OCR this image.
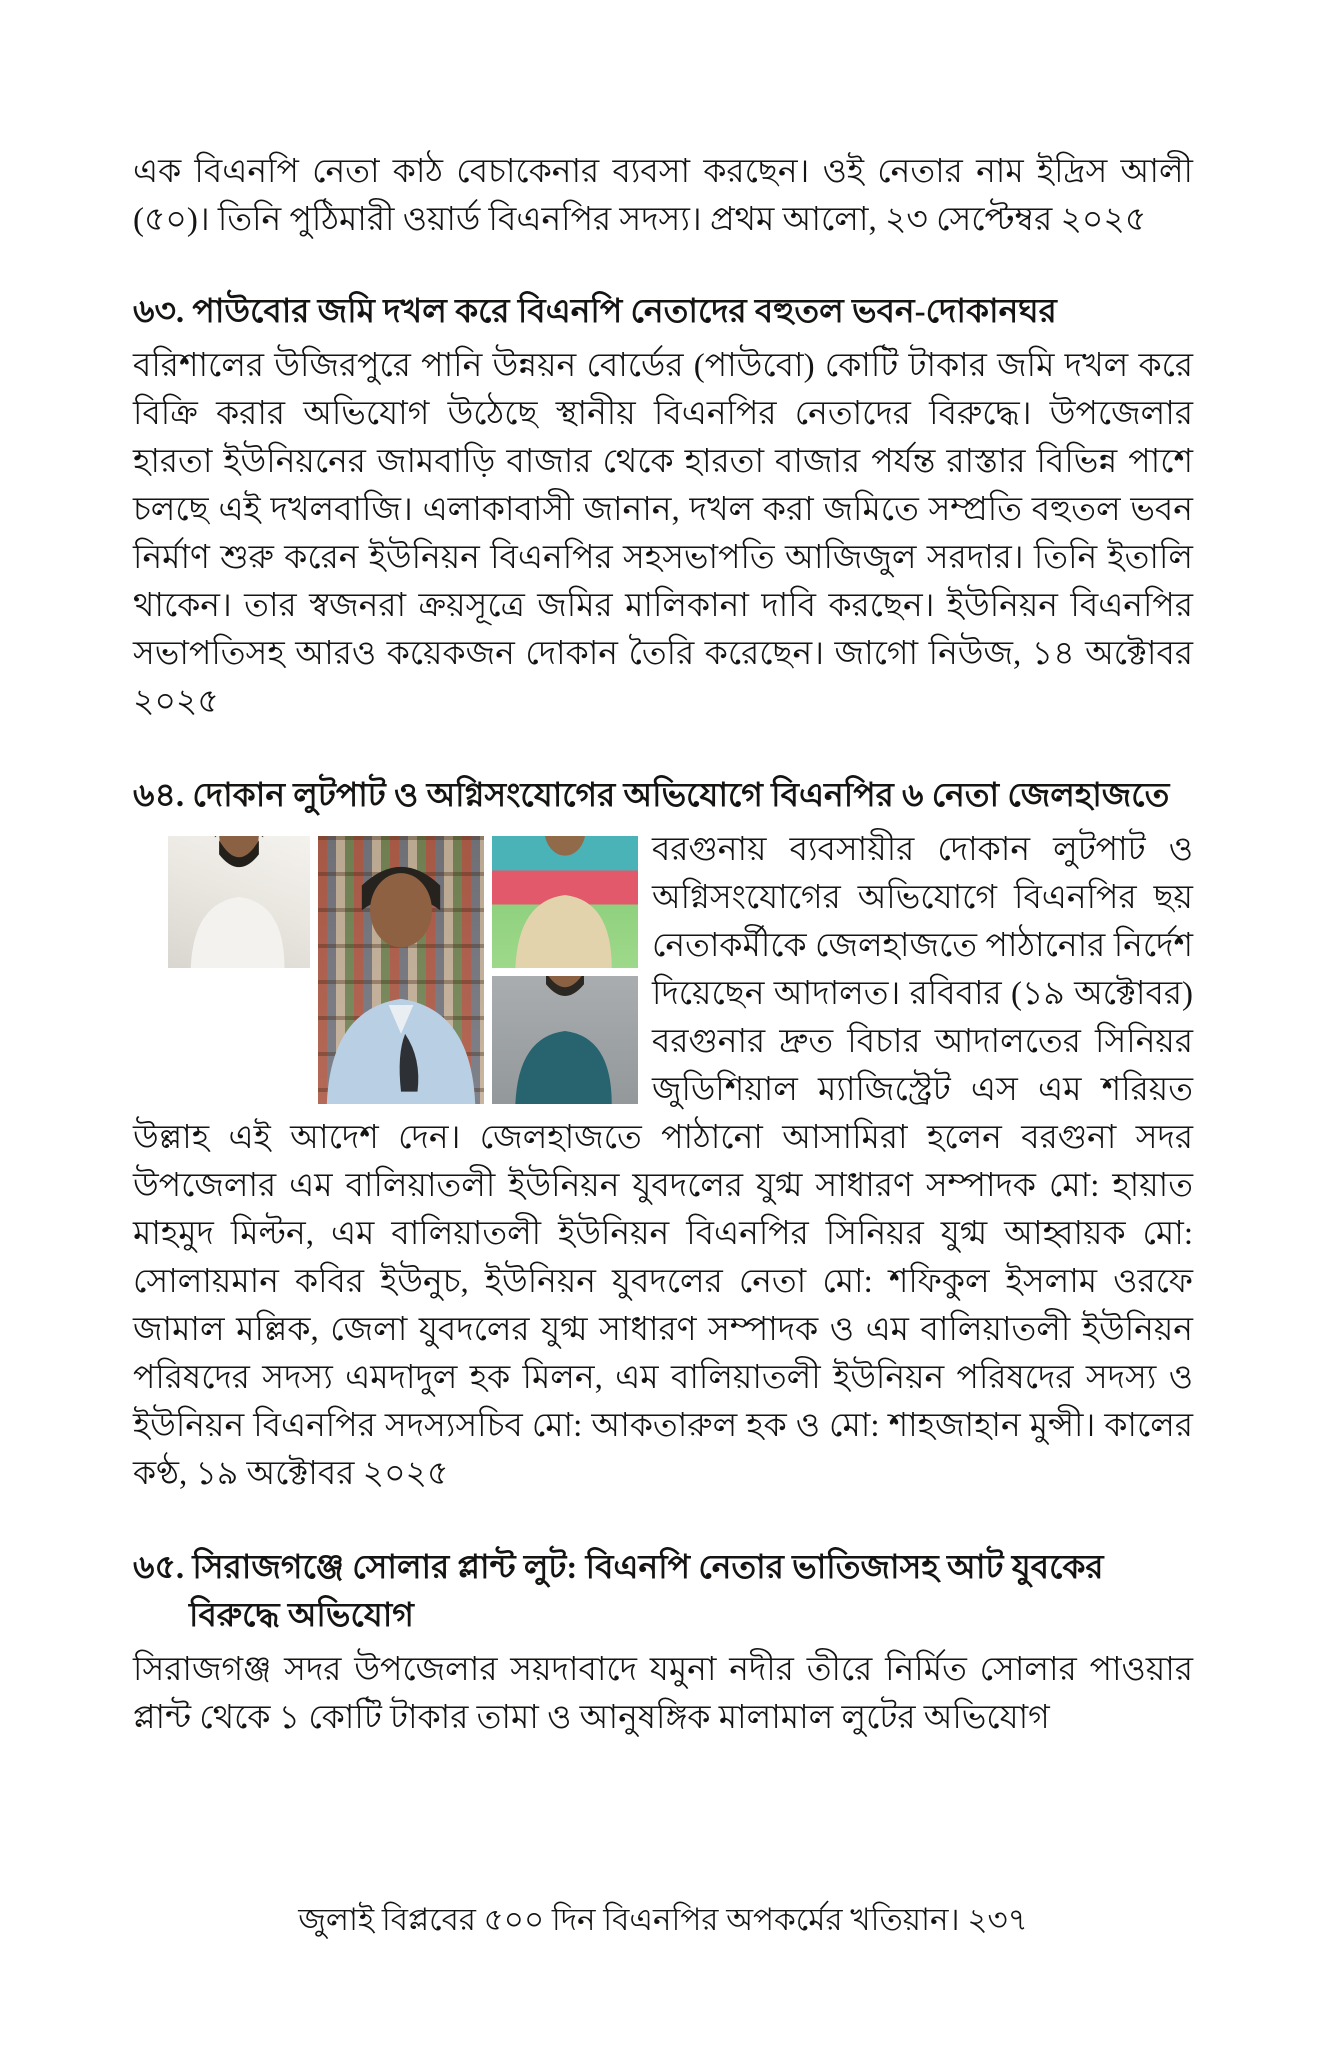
এক বিএনপি নেতা কাঠ বেচাকেনার ব্যবসা করছেন। ওই নেতার নাম ইদ্রিস আলী (৫০)। তিনি পুঠিমারী ওয়ার্ড বিএনপির সদস্য। প্রথম আলো, ২৩ সেপ্টেম্বর ২০২৫

৬৩. পাউবোর জমি দখল করে বিএনপি নেতাদের বহুতল ভবন-দোকানঘর

বরিশালের উজিরপুরে পানি উন্নয়ন বোর্ডের (পাউবো) কোটি টাকার জমি দখল করে বিক্রি করার অভিযোগ উঠেছে স্থানীয় বিএনপির নেতাদের বিরুদ্ধে। উপজেলার হারতা ইউনিয়নের জামবাড়ি বাজার থেকে হারতা বাজার পর্যন্ত রাস্তার বিভিন্ন পাশে চলছে এই দখলবাজি। এলাকাবাসী জানান, দখল করা জমিতে সম্প্রতি বহুতল ভবন নির্মাণ শুরু করেন ইউনিয়ন বিএনপির সহসভাপতি আজিজুল সরদার। তিনি ইতালি থাকেন। তার স্বজনরা ক্রয়সূত্রে জমির মালিকানা দাবি করছেন। ইউনিয়ন বিএনপির সভাপতিসহ আরও কয়েকজন দোকান তৈরি করেছেন। জাগো নিউজ, ১৪ অক্টোবর ২০২৫

৬৪. দোকান লুটপাট ও অগ্নিসংযোগের অভিযোগে বিএনপির ৬ নেতা জেলহাজতে

বরগুনায় ব্যবসায়ীর দোকান লুটপাট ও অগ্নিসংযোগের অভিযোগে বিএনপির ছয় নেতাকর্মীকে জেলহাজতে পাঠানোর নির্দেশ দিয়েছেন আদালত। রবিবার (১৯ অক্টোবর) বরগুনার দ্রুত বিচার আদালতের সিনিয়র জুডিশিয়াল ম্যাজিস্ট্রেট এস এম শরিয়ত উল্লাহ এই আদেশ দেন। জেলহাজতে পাঠানো আসামিরা হলেন বরগুনা সদর উপজেলার এম বালিয়াতলী ইউনিয়ন যুবদলের যুগ্ম সাধারণ সম্পাদক মো: হায়াত মাহমুদ মিল্টন, এম বালিয়াতলী ইউনিয়ন বিএনপির সিনিয়র যুগ্ম আহ্বায়ক মো: সোলায়মান কবির ইউনুচ, ইউনিয়ন যুবদলের নেতা মো: শফিকুল ইসলাম ওরফে জামাল মল্লিক, জেলা যুবদলের যুগ্ম সাধারণ সম্পাদক ও এম বালিয়াতলী ইউনিয়ন পরিষদের সদস্য এমদাদুল হক মিলন, এম বালিয়াতলী ইউনিয়ন পরিষদের সদস্য ও ইউনিয়ন বিএনপির সদস্যসচিব মো: আকতারুল হক ও মো: শাহজাহান মুন্সী। কালের কণ্ঠ, ১৯ অক্টোবর ২০২৫

৬৫. সিরাজগঞ্জে সোলার প্লান্ট লুট: বিএনপি নেতার ভাতিজাসহ আট যুবকের বিরুদ্ধে অভিযোগ

সিরাজগঞ্জ সদর উপজেলার সয়দাবাদে যমুনা নদীর তীরে নির্মিত সোলার পাওয়ার প্লান্ট থেকে ১ কোটি টাকার তামা ও আনুষঙ্গিক মালামাল লুটের অভিযোগ

জুলাই বিপ্লবের ৫০০ দিন বিএনপির অপকর্মের খতিয়ান। ২৩৭
